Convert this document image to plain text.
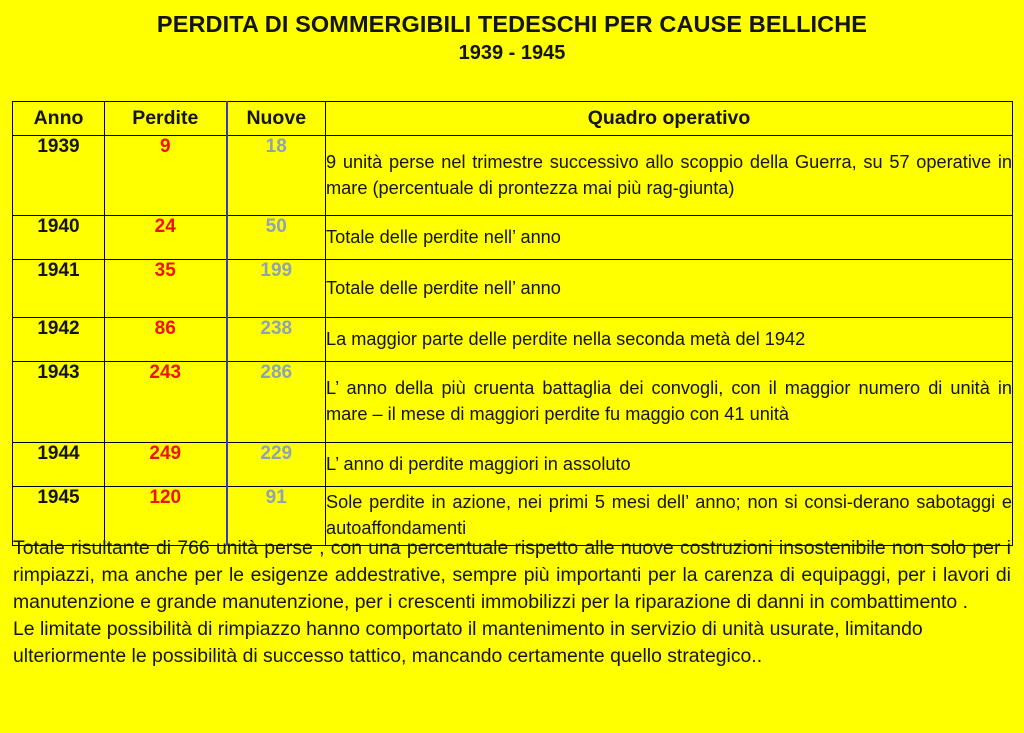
PERDITA DI SOMMERGIBILI TEDESCHI PER CAUSE BELLICHE
1939 - 1945
Anno	Perdite	Nuove	Quadro operativo
1939	9	18	9 unità perse nel trimestre successivo allo scoppio della Guerra, su 57 operative in mare (percentuale di prontezza mai più rag-giunta)
1940	24	50	Totale delle perdite nell’ anno
1941	35	199	Totale delle perdite nell’ anno
1942	86	238	La maggior parte delle perdite nella seconda metà del 1942
1943	243	286	L’ anno della più cruenta battaglia dei convogli, con il maggior numero di unità in mare – il mese di maggiori perdite fu maggio con 41 unità
1944	249	229	L’ anno di perdite maggiori in assoluto
1945	120	91	Sole perdite in azione, nei primi 5 mesi dell’ anno; non si consi-derano sabotaggi e autoaffondamenti

Totale risultante di 766 unità perse , con una percentuale rispetto alle nuove costruzioni insostenibile non solo per i rimpiazzi, ma anche per le esigenze addestrative, sempre più importanti per la carenza di equipaggi, per i lavori di manutenzione e grande manutenzione, per i crescenti immobilizzi per la riparazione di danni in combattimento .

Le limitate possibilità di rimpiazzo hanno comportato il mantenimento in servizio di unità usurate, limitando ulteriormente le possibilità di successo tattico, mancando certamente quello strategico..
